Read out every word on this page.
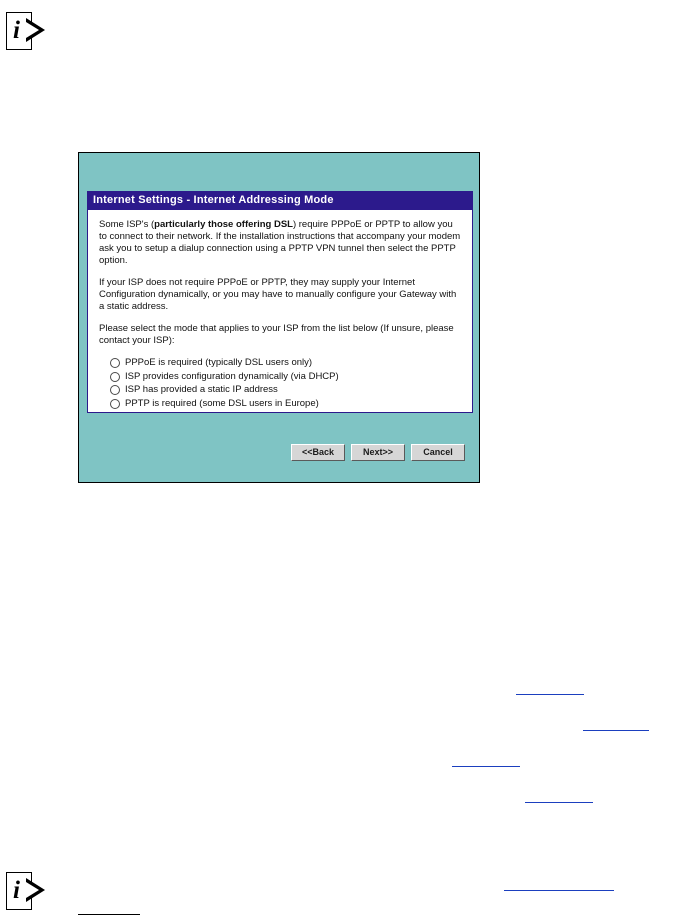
i
Internet Settings - Internet Addressing Mode

Some ISP's (particularly those offering DSL) require PPPoE or PPTP to allow you to connect to their network. If the installation instructions that accompany your modem ask you to setup a dialup connection using a PPTP VPN tunnel then select the PPTP option.

If your ISP does not require PPPoE or PPTP, they may supply your Internet Configuration dynamically, or you may have to manually configure your Gateway with a static address.

Please select the mode that applies to your ISP from the list below (If unsure, please contact your ISP):

PPPoE is required (typically DSL users only)
ISP provides configuration dynamically (via DHCP)
ISP has provided a static IP address
PPTP is required (some DSL users in Europe)
<<Back	Next>>	Cancel
i
